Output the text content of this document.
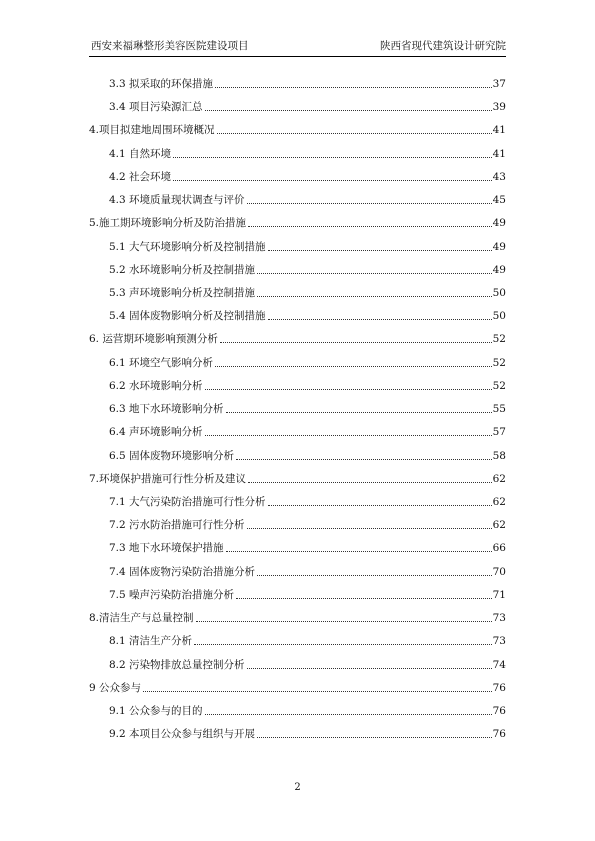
西安来福琳整形美容医院建设项目	陕西省现代建筑设计研究院
3.3 拟采取的环保措施	37
3.4 项目污染源汇总	39
4.项目拟建地周围环境概况	41
4.1 自然环境	41
4.2 社会环境	43
4.3 环境质量现状调查与评价	45
5.施工期环境影响分析及防治措施	49
5.1 大气环境影响分析及控制措施	49
5.2 水环境影响分析及控制措施	49
5.3 声环境影响分析及控制措施	50
5.4 固体废物影响分析及控制措施	50
6. 运营期环境影响预测分析	52
6.1 环境空气影响分析	52
6.2 水环境影响分析	52
6.3 地下水环境影响分析	55
6.4 声环境影响分析	57
6.5 固体废物环境影响分析	58
7.环境保护措施可行性分析及建议	62
7.1 大气污染防治措施可行性分析	62
7.2 污水防治措施可行性分析	62
7.3 地下水环境保护措施	66
7.4 固体废物污染防治措施分析	70
7.5 噪声污染防治措施分析	71
8.清洁生产与总量控制	73
8.1 清洁生产分析	73
8.2 污染物排放总量控制分析	74
9 公众参与	76
9.1 公众参与的目的	76
9.2 本项目公众参与组织与开展	76
2
